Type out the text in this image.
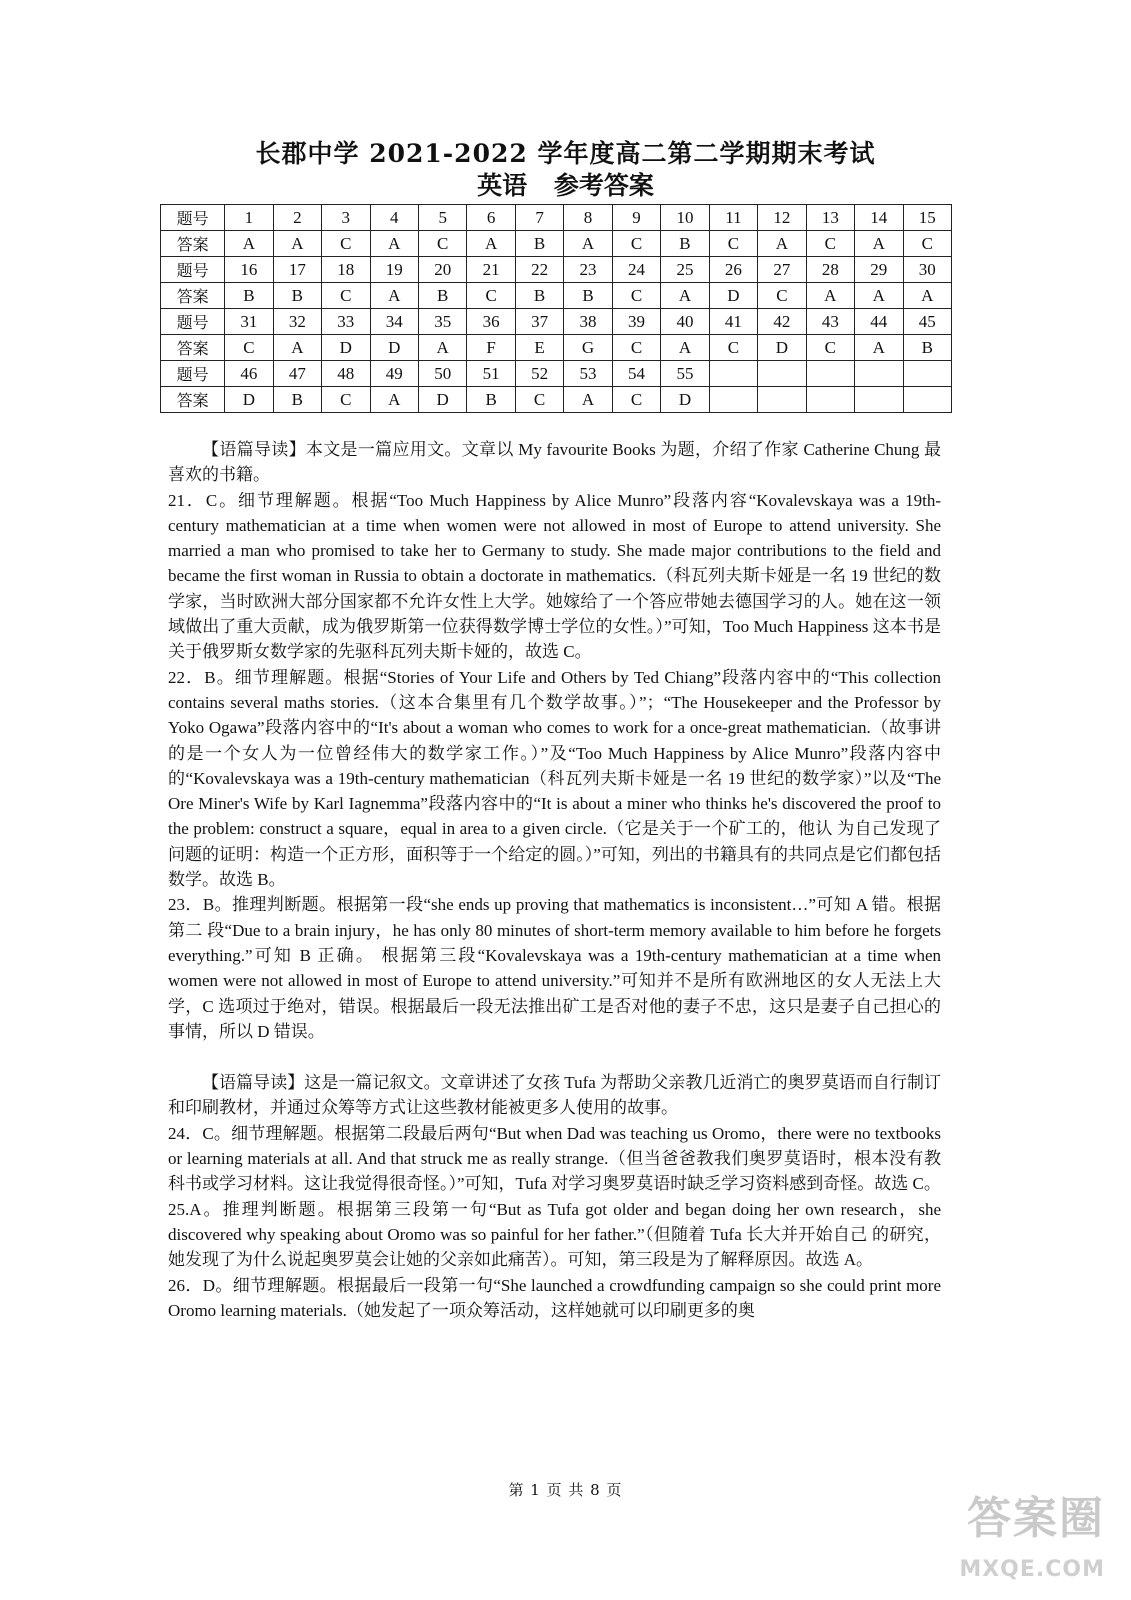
长郡中学 2021-2022 学年度高二第二学期期末考试
英语 参考答案
题号	1	2	3	4	5	6	7	8	9	10	11	12	13	14	15
答案	A	A	C	A	C	A	B	A	C	B	C	A	C	A	C
题号	16	17	18	19	20	21	22	23	24	25	26	27	28	29	30
答案	B	B	C	A	B	C	B	B	C	A	D	C	A	A	A
题号	31	32	33	34	35	36	37	38	39	40	41	42	43	44	45
答案	C	A	D	D	A	F	E	G	C	A	C	D	C	A	B
题号	46	47	48	49	50	51	52	53	54	55					
答案	D	B	C	A	D	B	C	A	C	D					

【语篇导读】本文是一篇应用文。文章以 My favourite Books 为题，介绍了作家 Catherine Chung 最喜欢的书籍。

21．C。细节理解题。根据“Too Much Happiness by Alice Munro”段落内容“Kovalevskaya was a 19th-century mathematician at a time when women were not allowed in most of Europe to attend university. She married a man who promised to take her to Germany to study. She made major contributions to the field and became the first woman in Russia to obtain a doctorate in mathematics.（科瓦列夫斯卡娅是一名 19 世纪的数学家，当时欧洲大部分国家都不允许女性上大学。她嫁给了一个答应带她去德国学习的人。她在这一领域做出了重大贡献，成为俄罗斯第一位获得数学博士学位的女性。）”可知，Too Much Happiness 这本书是关于俄罗斯女数学家的先驱科瓦列夫斯卡娅的，故选 C。

22．B。细节理解题。根据“Stories of Your Life and Others by Ted Chiang”段落内容中的“This collection contains several maths stories.（这本合集里有几个数学故事。）”；“The Housekeeper and the Professor by Yoko Ogawa”段落内容中的“It's about a woman who comes to work for a once-great mathematician.（故事讲的是一个女人为一位曾经伟大的数学家工作。）”及“Too Much Happiness by Alice Munro”段落内容中的“Kovalevskaya was a 19th-century mathematician（科瓦列夫斯卡娅是一名 19 世纪的数学家）”以及“The Ore Miner's Wife by Karl Iagnemma”段落内容中的“It is about a miner who thinks he's discovered the proof to the problem: construct a square，equal in area to a given circle.（它是关于一个矿工的，他认 为自己发现了问题的证明：构造一个正方形，面积等于一个给定的圆。）”可知，列出的书籍具有的共同点是它们都包括数学。故选 B。

23．B。推理判断题。根据第一段“she ends up proving that mathematics is inconsistent…”可知 A 错。根据第二 段“Due to a brain injury，he has only 80 minutes of short-term memory available to him before he forgets everything.”可知 B 正确。 根据第三段“Kovalevskaya was a 19th-century mathematician at a time when women were not allowed in most of Europe to attend university.”可知并不是所有欧洲地区的女人无法上大学，C 选项过于绝对，错误。根据最后一段无法推出矿工是否对他的妻子不忠，这只是妻子自己担心的事情，所以 D 错误。

【语篇导读】这是一篇记叙文。文章讲述了女孩 Tufa 为帮助父亲教几近消亡的奥罗莫语而自行制订和印刷教材，并通过众筹等方式让这些教材能被更多人使用的故事。

24．C。细节理解题。根据第二段最后两句“But when Dad was teaching us Oromo，there were no textbooks or learning materials at all. And that struck me as really strange.（但当爸爸教我们奥罗莫语时，根本没有教科书或学习材料。这让我觉得很奇怪。）”可知，Tufa 对学习奥罗莫语时缺乏学习资料感到奇怪。故选 C。

25.A。推理判断题。根据第三段第一句“But as Tufa got older and began doing her own research，she discovered why speaking about Oromo was so painful for her father.”（但随着 Tufa 长大并开始自己 的研究，她发现了为什么说起奥罗莫会让她的父亲如此痛苦）。可知，第三段是为了解释原因。故选 A。

26．D。细节理解题。根据最后一段第一句“She launched a crowdfunding campaign so she could print more Oromo learning materials.（她发起了一项众筹活动，这样她就可以印刷更多的奥

第 1 页 共 8 页
答案圈
MXQE.COM
